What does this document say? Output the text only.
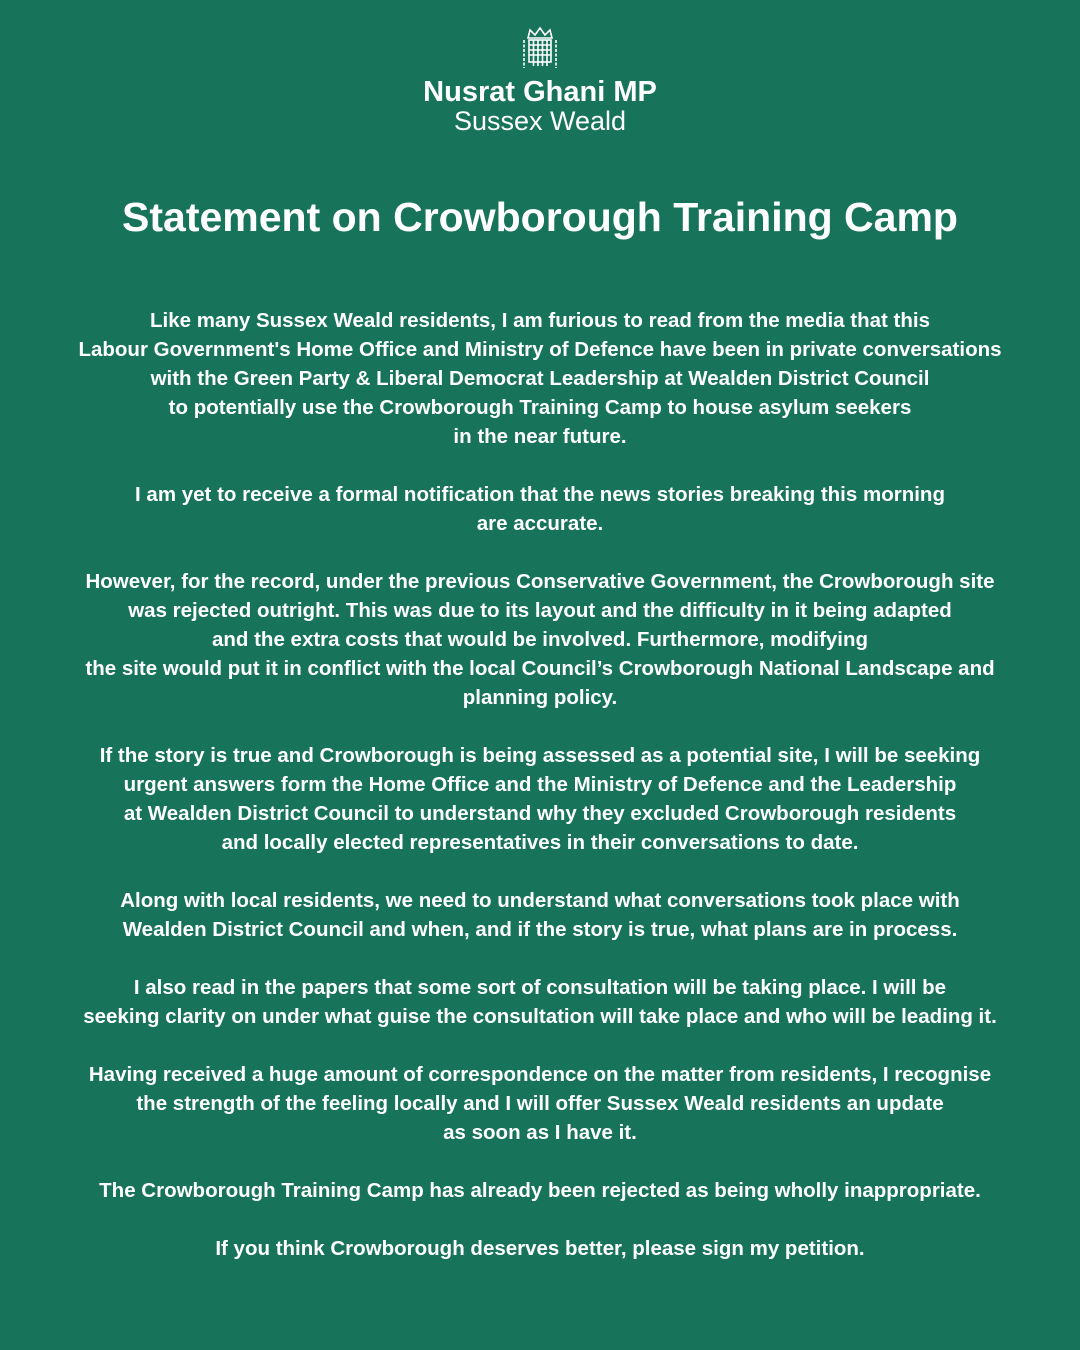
Nusrat Ghani MP
Sussex Weald
Statement on Crowborough Training Camp

Like many Sussex Weald residents, I am furious to read from the media that this
Labour Government's Home Office and Ministry of Defence have been in private conversations
with the Green Party & Liberal Democrat Leadership at Wealden District Council
to potentially use the Crowborough Training Camp to house asylum seekers
in the near future.

I am yet to receive a formal notification that the news stories breaking this morning
are accurate.

However, for the record, under the previous Conservative Government, the Crowborough site
was rejected outright. This was due to its layout and the difficulty in it being adapted
and the extra costs that would be involved. Furthermore, modifying
the site would put it in conflict with the local Council’s Crowborough National Landscape and
planning policy.

If the story is true and Crowborough is being assessed as a potential site, I will be seeking
urgent answers form the Home Office and the Ministry of Defence and the Leadership
at Wealden District Council to understand why they excluded Crowborough residents
and locally elected representatives in their conversations to date.

Along with local residents, we need to understand what conversations took place with
Wealden District Council and when, and if the story is true, what plans are in process.

I also read in the papers that some sort of consultation will be taking place. I will be
seeking clarity on under what guise the consultation will take place and who will be leading it.

Having received a huge amount of correspondence on the matter from residents, I recognise
the strength of the feeling locally and I will offer Sussex Weald residents an update
as soon as I have it.

The Crowborough Training Camp has already been rejected as being wholly inappropriate.

If you think Crowborough deserves better, please sign my petition.
